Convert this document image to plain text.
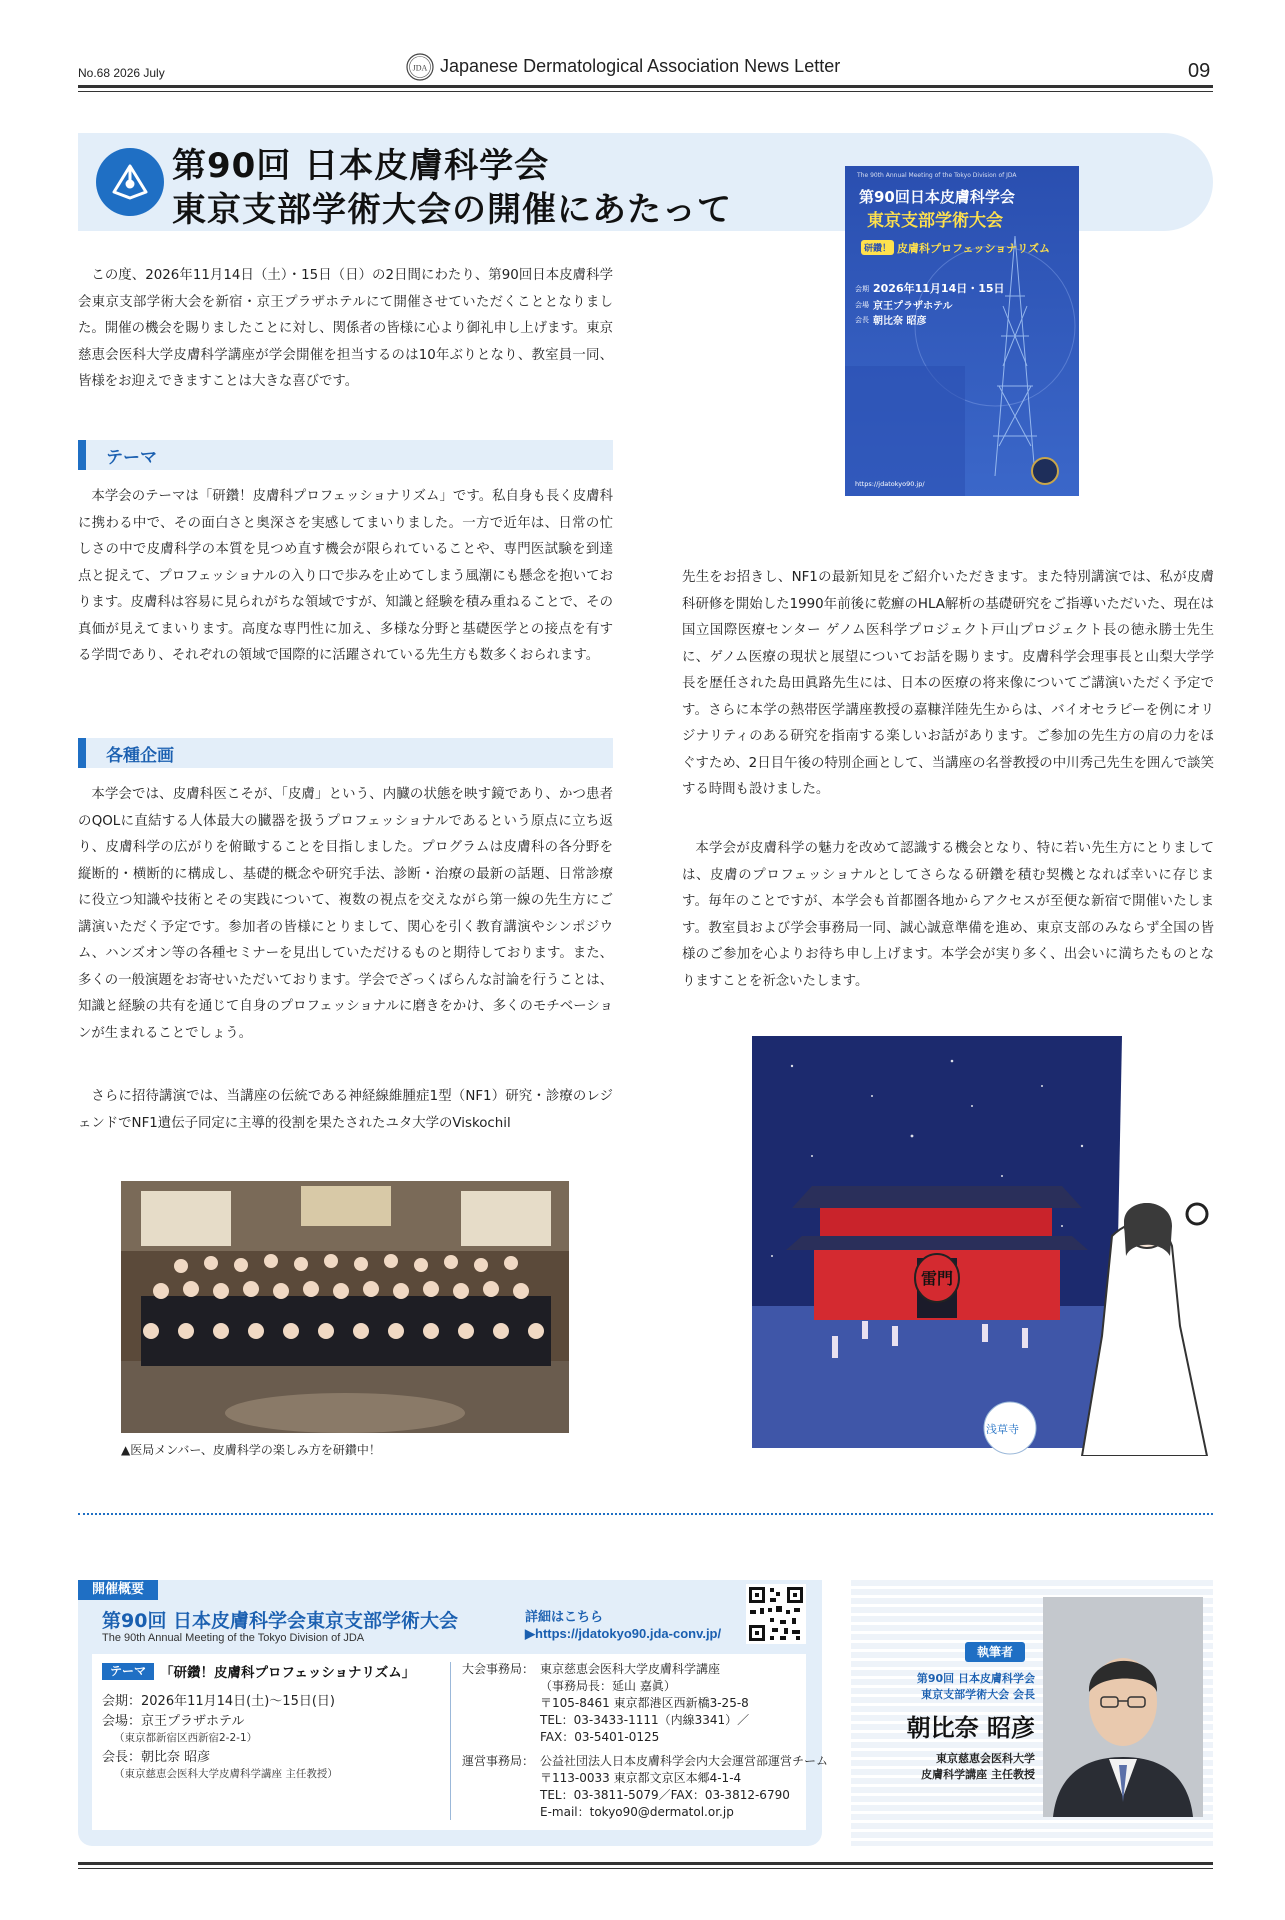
No.68 2026 July	JDA Japanese Dermatological Association News Letter	09
第90回 日本皮膚科学会
東京支部学術大会の開催にあたって
The 90th Annual Meeting of the Tokyo Division of JDA
第90回日本皮膚科学会
東京支部学術大会
研鑽！ 皮膚科プロフェッショナリズム
会期 2026年11月14日・15日
会場 京王プラザホテル
会長 朝比奈 昭彦
https://jdatokyo90.jp/
この度、2026年11月14日（土）・15日（日）の2日間にわたり、第90回日本皮膚科学会東京支部学術大会を新宿・京王プラザホテルにて開催させていただくこととなりました。開催の機会を賜りましたことに対し、関係者の皆様に心より御礼申し上げます。東京慈恵会医科大学皮膚科学講座が学会開催を担当するのは10年ぶりとなり、教室員一同、皆様をお迎えできますことは大きな喜びです。
テーマ
本学会のテーマは「研鑽！皮膚科プロフェッショナリズム」です。私自身も長く皮膚科に携わる中で、その面白さと奥深さを実感してまいりました。一方で近年は、日常の忙しさの中で皮膚科学の本質を見つめ直す機会が限られていることや、専門医試験を到達点と捉えて、プロフェッショナルの入り口で歩みを止めてしまう風潮にも懸念を抱いております。皮膚科は容易に見られがちな領域ですが、知識と経験を積み重ねることで、その真価が見えてまいります。高度な専門性に加え、多様な分野と基礎医学との接点を有する学問であり、それぞれの領域で国際的に活躍されている先生方も数多くおられます。
各種企画
本学会では、皮膚科医こそが、「皮膚」という、内臓の状態を映す鏡であり、かつ患者のQOLに直結する人体最大の臓器を扱うプロフェッショナルであるという原点に立ち返り、皮膚科学の広がりを俯瞰することを目指しました。プログラムは皮膚科の各分野を縦断的・横断的に構成し、基礎的概念や研究手法、診断・治療の最新の話題、日常診療に役立つ知識や技術とその実践について、複数の視点を交えながら第一線の先生方にご講演いただく予定です。参加者の皆様にとりまして、関心を引く教育講演やシンポジウム、ハンズオン等の各種セミナーを見出していただけるものと期待しております。また、多くの一般演題をお寄せいただいております。学会でざっくばらんな討論を行うことは、知識と経験の共有を通じて自身のプロフェッショナルに磨きをかけ、多くのモチベーションが生まれることでしょう。
さらに招待講演では、当講座の伝統である神経線維腫症1型（NF1）研究・診療のレジェンドでNF1遺伝子同定に主導的役割を果たされたユタ大学のViskochil
先生をお招きし、NF1の最新知見をご紹介いただきます。また特別講演では、私が皮膚科研修を開始した1990年前後に乾癬のHLA解析の基礎研究をご指導いただいた、現在は国立国際医療センター ゲノム医科学プロジェクト戸山プロジェクト長の徳永勝士先生に、ゲノム医療の現状と展望についてお話を賜ります。皮膚科学会理事長と山梨大学学長を歴任された島田眞路先生には、日本の医療の将来像についてご講演いただく予定です。さらに本学の熱帯医学講座教授の嘉糠洋陸先生からは、バイオセラピーを例にオリジナリティのある研究を指南する楽しいお話があります。ご参加の先生方の肩の力をほぐすため、2日目午後の特別企画として、当講座の名誉教授の中川秀己先生を囲んで談笑する時間も設けました。
本学会が皮膚科学の魅力を改めて認識する機会となり、特に若い先生方にとりましては、皮膚のプロフェッショナルとしてさらなる研鑽を積む契機となれば幸いに存じます。毎年のことですが、本学会も首都圏各地からアクセスが至便な新宿で開催いたします。教室員および学会事務局一同、誠心誠意準備を進め、東京支部のみならず全国の皆様のご参加を心よりお待ち申し上げます。本学会が実り多く、出会いに満ちたものとなりますことを祈念いたします。
▲医局メンバー、皮膚科学の楽しみ方を研鑽中！
雷門
浅草寺
開催概要
第90回 日本皮膚科学会東京支部学術大会
The 90th Annual Meeting of the Tokyo Division of JDA
詳細はこちら
▶https://jdatokyo90.jda-conv.jp/
テーマ	「研鑽！皮膚科プロフェッショナリズム」
会期：2026年11月14日(土)～15日(日)
会場：京王プラザホテル
（東京都新宿区西新宿2-2-1）
会長：朝比奈 昭彦
（東京慈恵会医科大学皮膚科学講座 主任教授）
大会事務局： 東京慈恵会医科大学皮膚科学講座
（事務局長：延山 嘉眞）
〒105-8461 東京都港区西新橋3-25-8
TEL：03-3433-1111（内線3341）／
FAX：03-5401-0125
運営事務局： 公益社団法人日本皮膚科学会内大会運営部運営チーム
〒113-0033 東京都文京区本郷4-1-4
TEL：03-3811-5079／FAX：03-3812-6790
E-mail：tokyo90@dermatol.or.jp
執筆者
第90回 日本皮膚科学会
東京支部学術大会 会長
朝比奈 昭彦
東京慈恵会医科大学
皮膚科学講座 主任教授
